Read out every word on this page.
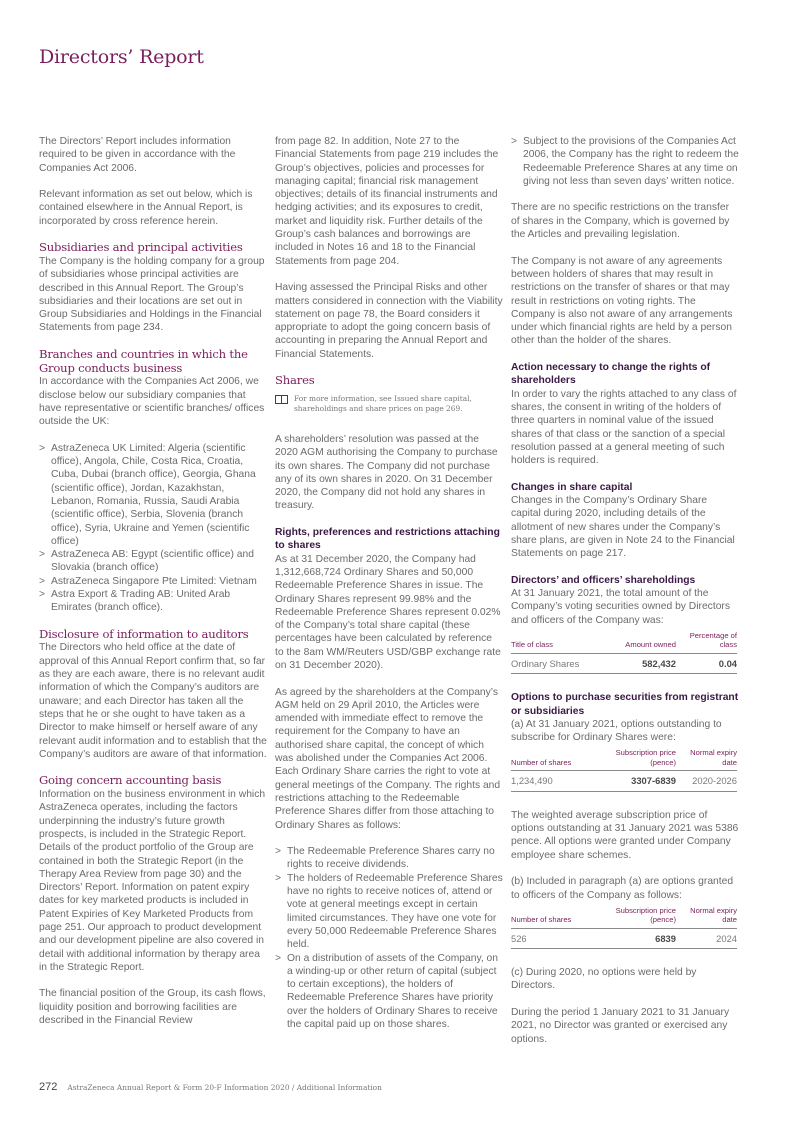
Directors’ Report

The Directors’ Report includes information required to be given in accordance with the Companies Act 2006.

Relevant information as set out below, which is contained elsewhere in the Annual Report, is incorporated by cross reference herein.

Subsidiaries and principal activities

The Company is the holding company for a group of subsidiaries whose principal activities are described in this Annual Report. The Group’s subsidiaries and their locations are set out in Group Subsidiaries and Holdings in the Financial Statements from page 234.

Branches and countries in which the Group conducts business

In accordance with the Companies Act 2006, we disclose below our subsidiary companies that have representative or scientific branches/ offices outside the UK:

> AstraZeneca UK Limited: Algeria (scientific office), Angola, Chile, Costa Rica, Croatia, Cuba, Dubai (branch office), Georgia, Ghana (scientific office), Jordan, Kazakhstan, Lebanon, Romania, Russia, Saudi Arabia (scientific office), Serbia, Slovenia (branch office), Syria, Ukraine and Yemen (scientific office)
> AstraZeneca AB: Egypt (scientific office) and Slovakia (branch office)
> AstraZeneca Singapore Pte Limited: Vietnam
> Astra Export & Trading AB: United Arab Emirates (branch office).
Disclosure of information to auditors

The Directors who held office at the date of approval of this Annual Report confirm that, so far as they are each aware, there is no relevant audit information of which the Company’s auditors are unaware; and each Director has taken all the steps that he or she ought to have taken as a Director to make himself or herself aware of any relevant audit information and to establish that the Company’s auditors are aware of that information.

Going concern accounting basis

Information on the business environment in which AstraZeneca operates, including the factors underpinning the industry’s future growth prospects, is included in the Strategic Report. Details of the product portfolio of the Group are contained in both the Strategic Report (in the Therapy Area Review from page 30) and the Directors’ Report. Information on patent expiry dates for key marketed products is included in Patent Expiries of Key Marketed Products from page 251. Our approach to product development and our development pipeline are also covered in detail with additional information by therapy area in the Strategic Report.

The financial position of the Group, its cash flows, liquidity position and borrowing facilities are described in the Financial Review

from page 82. In addition, Note 27 to the Financial Statements from page 219 includes the Group’s objectives, policies and processes for managing capital; financial risk management objectives; details of its financial instruments and hedging activities; and its exposures to credit, market and liquidity risk. Further details of the Group’s cash balances and borrowings are included in Notes 16 and 18 to the Financial Statements from page 204.

Having assessed the Principal Risks and other matters considered in connection with the Viability statement on page 78, the Board considers it appropriate to adopt the going concern basis of accounting in preparing the Annual Report and Financial Statements.

Shares
For more information, see Issued share capital, shareholdings and share prices on page 269.

A shareholders’ resolution was passed at the 2020 AGM authorising the Company to purchase its own shares. The Company did not purchase any of its own shares in 2020. On 31 December 2020, the Company did not hold any shares in treasury.

Rights, preferences and restrictions attaching to shares

As at 31 December 2020, the Company had 1,312,668,724 Ordinary Shares and 50,000 Redeemable Preference Shares in issue. The Ordinary Shares represent 99.98% and the Redeemable Preference Shares represent 0.02% of the Company’s total share capital (these percentages have been calculated by reference to the 8am WM/Reuters USD/GBP exchange rate on 31 December 2020).

As agreed by the shareholders at the Company’s AGM held on 29 April 2010, the Articles were amended with immediate effect to remove the requirement for the Company to have an authorised share capital, the concept of which was abolished under the Companies Act 2006. Each Ordinary Share carries the right to vote at general meetings of the Company. The rights and restrictions attaching to the Redeemable Preference Shares differ from those attaching to Ordinary Shares as follows:

> The Redeemable Preference Shares carry no rights to receive dividends.
> The holders of Redeemable Preference Shares have no rights to receive notices of, attend or vote at general meetings except in certain limited circumstances. They have one vote for every 50,000 Redeemable Preference Shares held.
> On a distribution of assets of the Company, on a winding-up or other return of capital (subject to certain exceptions), the holders of Redeemable Preference Shares have priority over the holders of Ordinary Shares to receive the capital paid up on those shares.
> Subject to the provisions of the Companies Act 2006, the Company has the right to redeem the Redeemable Preference Shares at any time on giving not less than seven days’ written notice.

There are no specific restrictions on the transfer of shares in the Company, which is governed by the Articles and prevailing legislation.

The Company is not aware of any agreements between holders of shares that may result in restrictions on the transfer of shares or that may result in restrictions on voting rights. The Company is also not aware of any arrangements under which financial rights are held by a person other than the holder of the shares.

Action necessary to change the rights of shareholders

In order to vary the rights attached to any class of shares, the consent in writing of the holders of three quarters in nominal value of the issued shares of that class or the sanction of a special resolution passed at a general meeting of such holders is required.

Changes in share capital

Changes in the Company’s Ordinary Share capital during 2020, including details of the allotment of new shares under the Company’s share plans, are given in Note 24 to the Financial Statements on page 217.

Directors’ and officers’ shareholdings

At 31 January 2021, the total amount of the Company’s voting securities owned by Directors and officers of the Company was:

Title of class	Amount owned	Percentage of class
Ordinary Shares	582,432	0.04
Options to purchase securities from registrant or subsidiaries

(a) At 31 January 2021, options outstanding to subscribe for Ordinary Shares were:

Number of shares	Subscription price (pence)	Normal expiry date
1,234,490	3307-6839	2020-2026

The weighted average subscription price of options outstanding at 31 January 2021 was 5386 pence. All options were granted under Company employee share schemes.

(b) Included in paragraph (a) are options granted to officers of the Company as follows:

Number of shares	Subscription price (pence)	Normal expiry date
526	6839	2024

(c) During 2020, no options were held by Directors.

During the period 1 January 2021 to 31 January 2021, no Director was granted or exercised any options.

272 AstraZeneca Annual Report & Form 20-F Information 2020 / Additional Information
